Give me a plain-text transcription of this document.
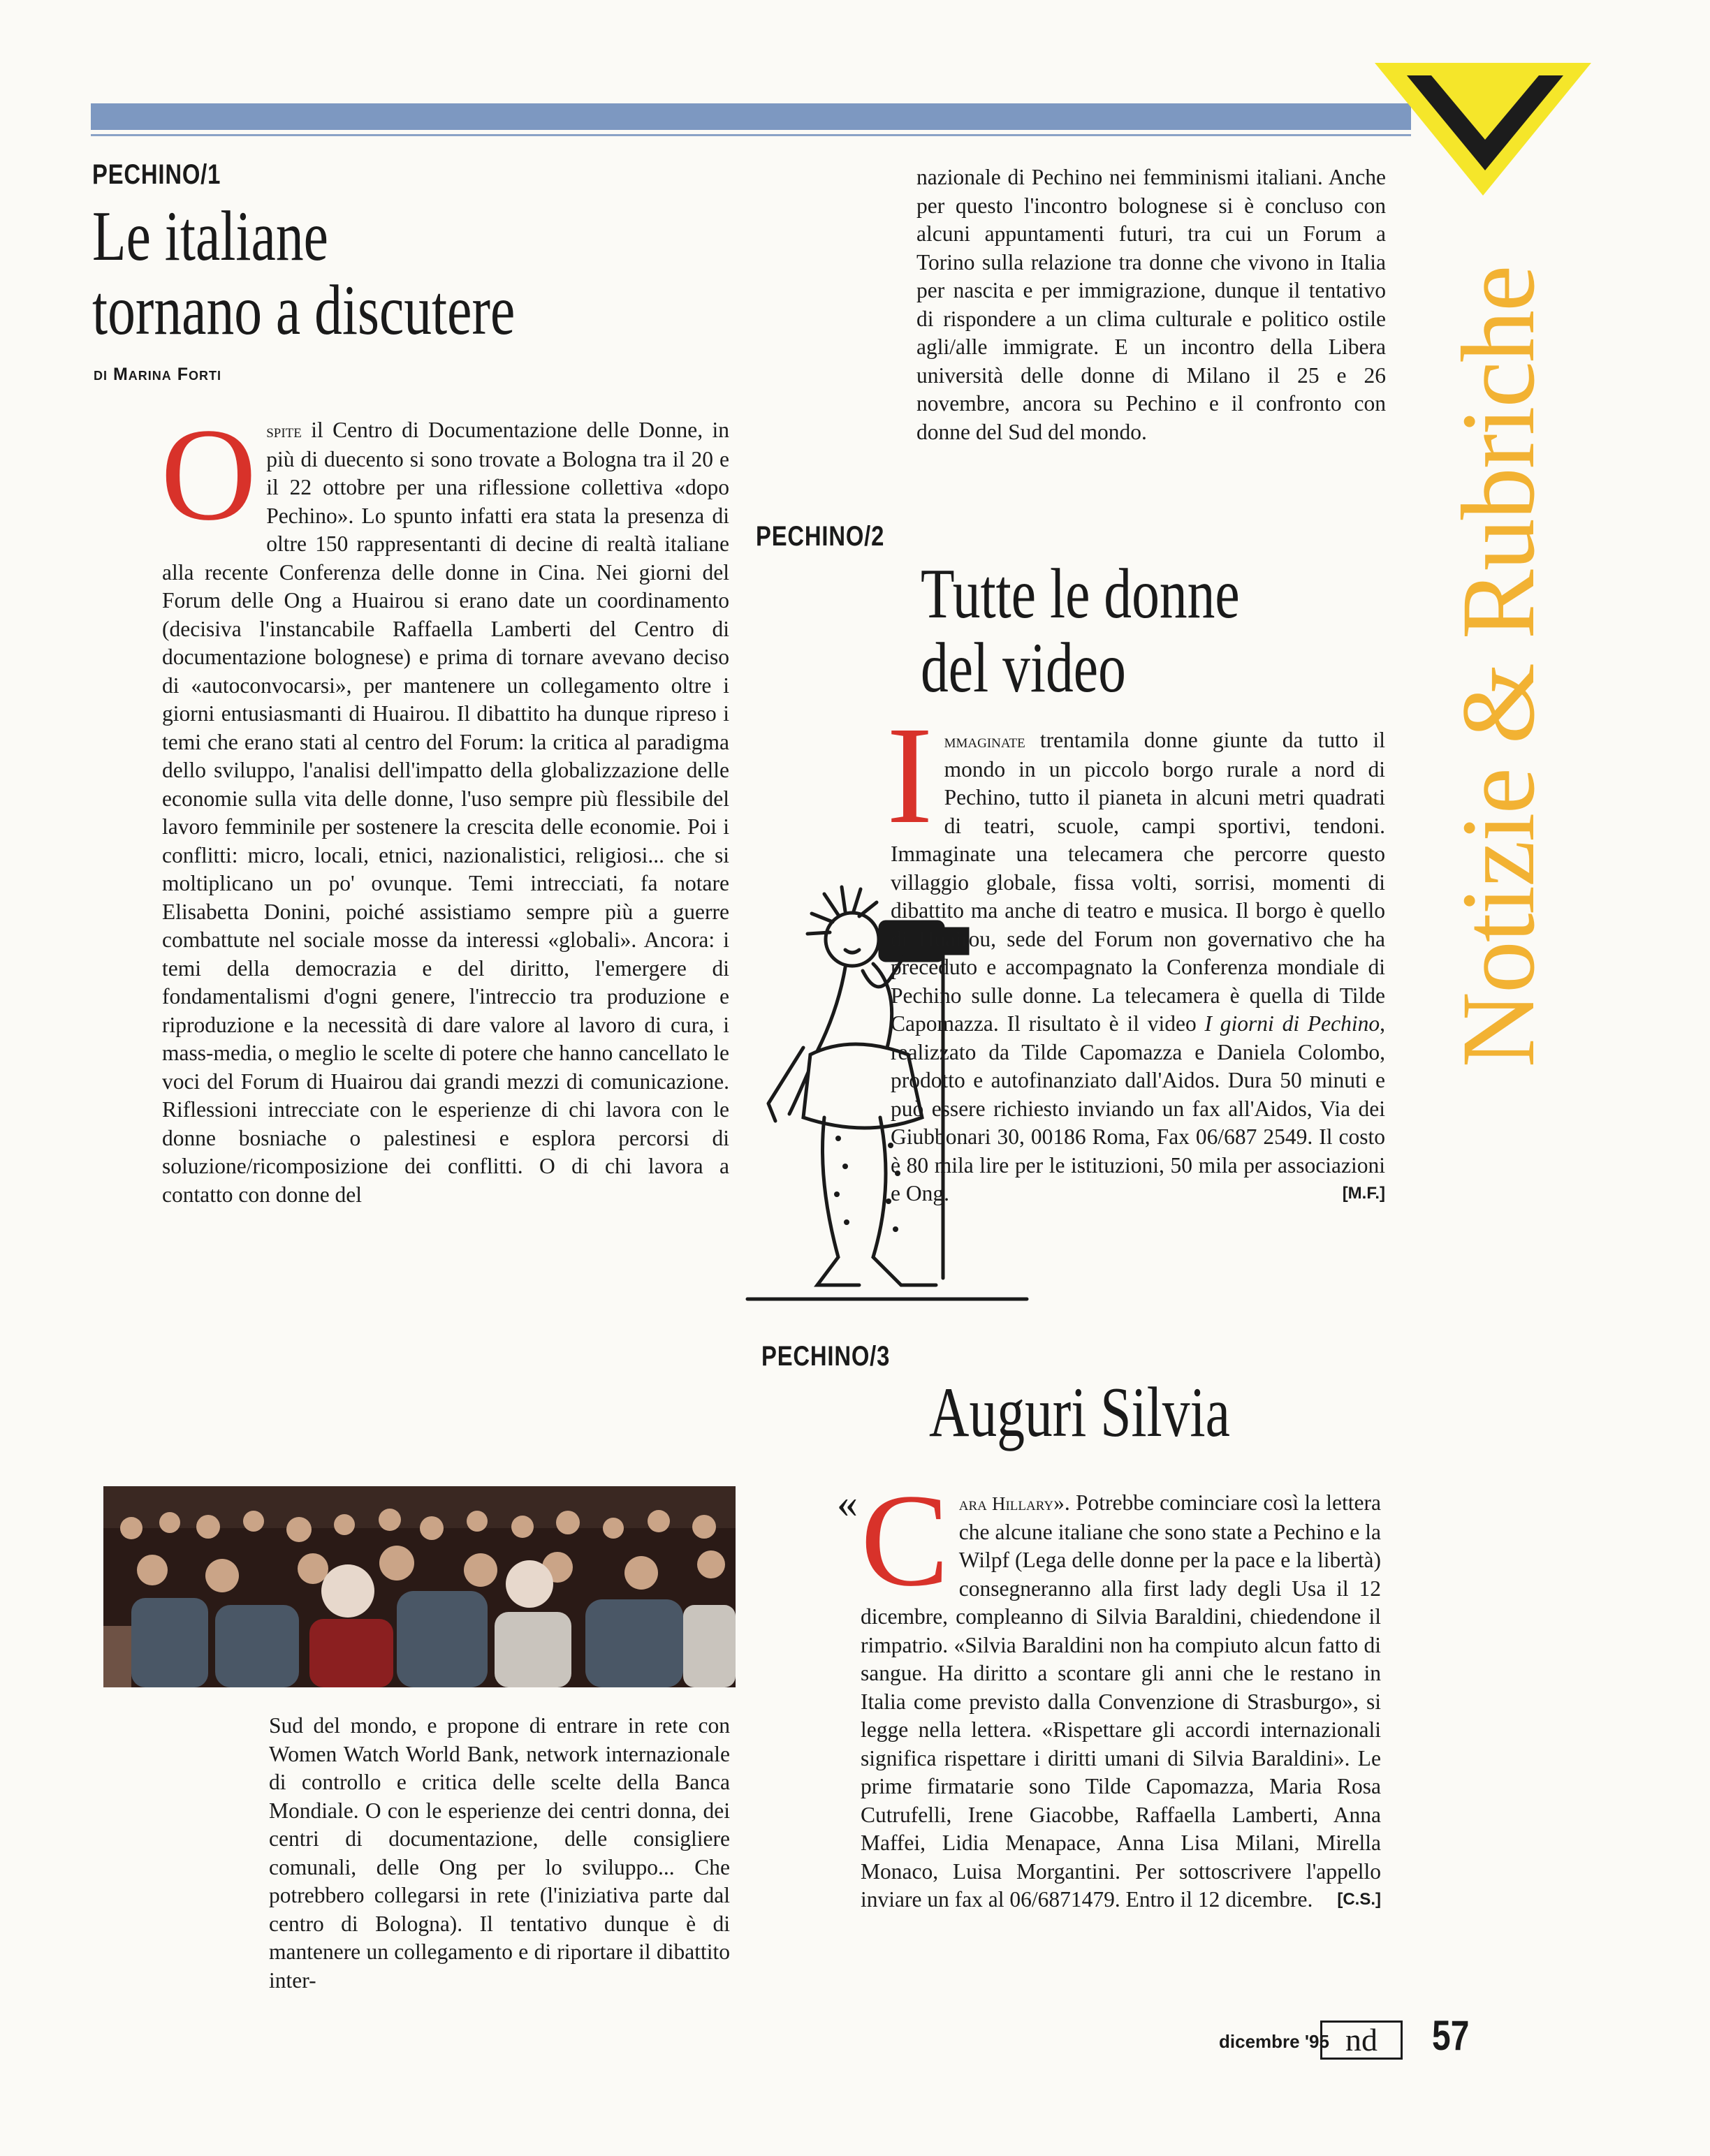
Notizie & Rubriche
PECHINO/1
Le italiane
tornano a discutere
di Marina Forti
Ospite il Centro di Documentazione delle Donne, in più di duecento si sono trovate a Bologna tra il 20 e il 22 ottobre per una riflessione collettiva «dopo Pechino». Lo spunto infatti era stata la presenza di oltre 150 rappresentanti di decine di realtà italiane alla recente Conferenza delle donne in Cina. Nei giorni del Forum delle Ong a Huairou si erano date un coordinamento (decisiva l'instancabile Raffaella Lamberti del Centro di documentazione bolognese) e prima di tornare avevano deciso di «autoconvocarsi», per mantenere un collegamento oltre i giorni entusiasmanti di Huairou. Il dibattito ha dunque ripreso i temi che erano stati al centro del Forum: la critica al paradigma dello sviluppo, l'analisi dell'impatto della globalizzazione delle economie sulla vita delle donne, l'uso sempre più flessibile del lavoro femminile per sostenere la crescita delle economie. Poi i conflitti: micro, locali, etnici, nazionalistici, religiosi... che si moltiplicano un po' ovunque. Temi intrecciati, fa notare Elisabetta Donini, poiché assistiamo sempre più a guerre combattute nel sociale mosse da interessi «globali». Ancora: i temi della democrazia e del diritto, l'emergere di fondamentalismi d'ogni genere, l'intreccio tra produzione e riproduzione e la necessità di dare valore al lavoro di cura, i mass-media, o meglio le scelte di potere che hanno cancellato le voci del Forum di Huairou dai grandi mezzi di comunicazione. Riflessioni intrecciate con le esperienze di chi lavora con le donne bosniache o palestinesi e esplora percorsi di soluzione/ricomposizione dei conflitti. O di chi lavora a contatto con donne del
Sud del mondo, e propone di entrare in rete con Women Watch World Bank, network internazionale di controllo e critica delle scelte della Banca Mondiale. O con le esperienze dei centri donna, dei centri di documentazione, delle consigliere comunali, delle Ong per lo sviluppo... Che potrebbero collegarsi in rete (l'iniziativa parte dal centro di Bologna). Il tentativo dunque è di mantenere un collegamento e di riportare il dibattito inter-
nazionale di Pechino nei femminismi italiani. Anche per questo l'incontro bolognese si è concluso con alcuni appuntamenti futuri, tra cui un Forum a Torino sulla relazione tra donne che vivono in Italia per nascita e per immigrazione, dunque il tentativo di rispondere a un clima culturale e politico ostile agli/alle immigrate. E un incontro della Libera università delle donne di Milano il 25 e 26 novembre, ancora su Pechino e il confronto con donne del Sud del mondo.
PECHINO/2
Tutte le donne
del video
Immaginate trentamila donne giunte da tutto il mondo in un piccolo borgo rurale a nord di Pechino, tutto il pianeta in alcuni metri quadrati di teatri, scuole, campi sportivi, tendoni. Immaginate una telecamera che percorre questo villaggio globale, fissa volti, sorrisi, momenti di dibattito ma anche di teatro e musica. Il borgo è quello di Huairou, sede del Forum non governativo che ha preceduto e accompagnato la Conferenza mondiale di Pechino sulle donne. La telecamera è quella di Tilde Capomazza. Il risultato è il video I giorni di Pechino, realizzato da Tilde Capomazza e Daniela Colombo, prodotto e autofinanziato dall'Aidos. Dura 50 minuti e può essere richiesto inviando un fax all'Aidos, Via dei Giubbonari 30, 00186 Roma, Fax 06/687 2549. Il costo è 80 mila lire per le istituzioni, 50 mila per associazioni e Ong.	[M.F.]
PECHINO/3
Auguri Silvia
« Cara Hillary». Potrebbe cominciare così la lettera che alcune italiane che sono state a Pechino e la Wilpf (Lega delle donne per la pace e la libertà) consegneranno alla first lady degli Usa il 12 dicembre, compleanno di Silvia Baraldini, chiedendone il rimpatrio. «Silvia Baraldini non ha compiuto alcun fatto di sangue. Ha diritto a scontare gli anni che le restano in Italia come previsto dalla Convenzione di Strasburgo», si legge nella lettera. «Rispettare gli accordi internazionali significa rispettare i diritti umani di Silvia Baraldini». Le prime firmatarie sono Tilde Capomazza, Maria Rosa Cutrufelli, Irene Giacobbe, Raffaella Lamberti, Anna Maffei, Lidia Menapace, Anna Lisa Milani, Mirella Monaco, Luisa Morgantini. Per sottoscrivere l'appello inviare un fax al 06/6871479. Entro il 12 dicembre. [C.S.]
dicembre '95 nd	57
